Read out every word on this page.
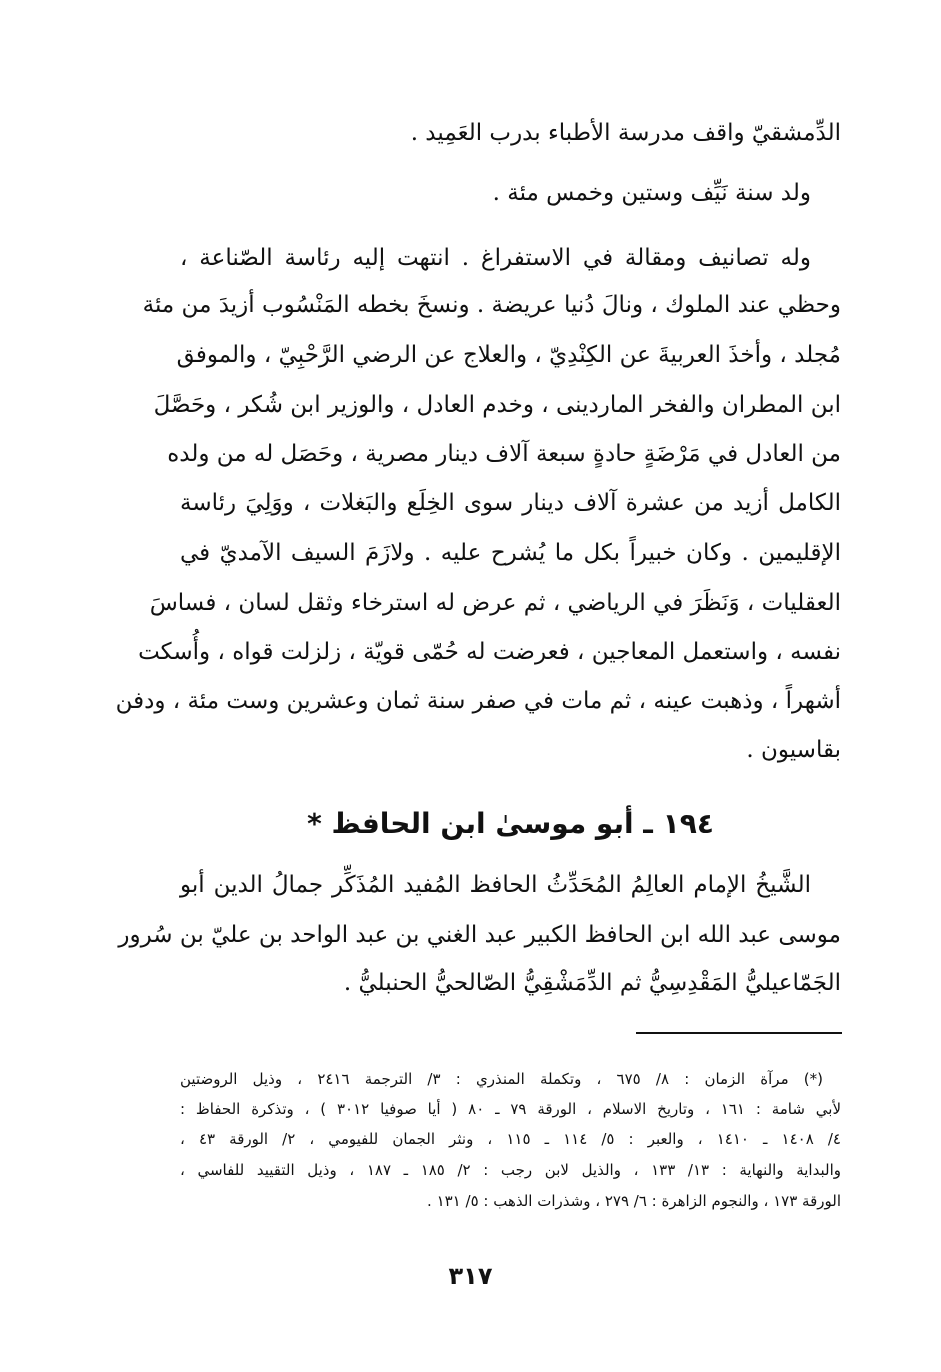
الدِّمشقيّ واقف مدرسة الأطباء بدرب العَمِيد .
ولد سنة نَيِّف وستين وخمس مئة .
وله تصانيف ومقالة في الاستفراغ . انتهت إليه رئاسة الصّناعة ،
وحظي عند الملوك ، ونالَ دُنيا عريضة . ونسخَ بخطه المَنْسُوب أزيدَ من مئة
مُجلد ، وأخذَ العربيةَ عن الكِنْدِيّ ، والعلاج عن الرضي الرَّحْبِيّ ، والموفق
ابن المطران والفخر الماردينى ، وخدم العادل ، والوزير ابن شُكر ، وحَصَّلَ
من العادل في مَرْضَةٍ حادةٍ سبعة آلاف دينار مصرية ، وحَصَل له من ولده
الكامل أزيد من عشرة آلاف دينار سوى الخِلَع والبَغلات ، ووَلِيَ رئاسة
الإقليمين . وكان خبيراً بكل ما يُشرح عليه . ولازَمَ السيف الآمديّ في
العقليات ، وَنَظَرَ في الرياضي ، ثم عرض له استرخاء وثقل لسان ، فساسَ
نفسه ، واستعمل المعاجين ، فعرضت له حُمّى قويّة ، زلزلت قواه ، وأُسكت
أشهراً ، وذهبت عينه ، ثم مات في صفر سنة ثمان وعشرين وست مئة ، ودفن
بقاسيون .
١٩٤ ـ أبو موسىٰ ابن الحافظ *
الشَّيخُ الإمام العالِمُ المُحَدِّثُ الحافظ المُفيد المُذَكِّر جمالُ الدين أبو
موسى عبد الله ابن الحافظ الكبير عبد الغني بن عبد الواحد بن عليّ بن سُرور
الجَمّاعيليُّ المَقْدِسِيُّ ثم الدِّمَشْقِيُّ الصّالحيُّ الحنبليُّ .
(*) مرآة الزمان : ٨/ ٦٧٥ ، وتكملة المنذري : ٣/ الترجمة ٢٤١٦ ، وذيل الروضتين
لأبي شامة : ١٦١ ، وتاريخ الاسلام ، الورقة ٧٩ ـ ٨٠ ( أيا صوفيا ٣٠١٢ ) ، وتذكرة الحفاظ :
٤/ ١٤٠٨ ـ ١٤١٠ ، والعبر : ٥/ ١١٤ ـ ١١٥ ، ونثر الجمان للفيومي ، ٢/ الورقة ٤٣ ،
والبداية والنهاية : ١٣/ ١٣٣ ، والذيل لابن رجب : ٢/ ١٨٥ ـ ١٨٧ ، وذيل التقييد للفاسي ،
الورقة ١٧٣ ، والنجوم الزاهرة : ٦/ ٢٧٩ ، وشذرات الذهب : ٥/ ١٣١ .
٣١٧
